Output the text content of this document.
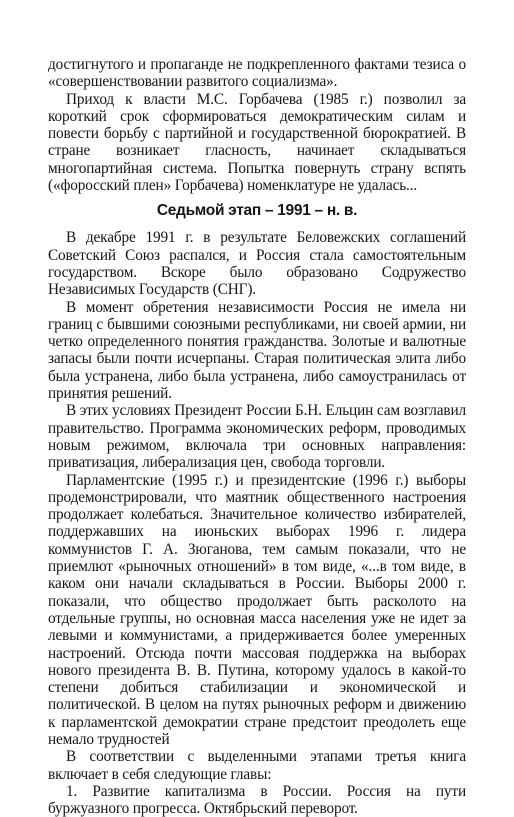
достигнутого и пропаганде не подкрепленного фактами тезиса о «совершенствовании развитого социализма».

Приход к власти М.С. Горбачева (1985 г.) позволил за короткий срок сформироваться демократическим силам и повести борьбу с партийной и государственной бюрократией. В стране возникает гласность, начинает складываться многопартийная система. Попытка повернуть страну вспять («форосский плен» Горбачева) номенклатуре не удалась...

Седьмой этап – 1991 – н. в.

В декабре 1991 г. в результате Беловежских соглашений Советский Союз распался, и Россия стала самостоятельным государством. Вскоре было образовано Содружество Независимых Государств (СНГ).

В момент обретения независимости Россия не имела ни границ с бывшими союзными республиками, ни своей армии, ни четко определенного понятия гражданства. Золотые и валютные запасы были почти исчерпаны. Старая политическая элита либо была устранена, либо была устранена, либо самоустранилась от принятия решений.

В этих условиях Президент России Б.Н. Ельцин сам возглавил правительство. Программа экономических реформ, проводимых новым режимом, включала три основных направления: приватизация, либерализация цен, свобода торговли.

Парламентские (1995 г.) и президентские (1996 г.) выборы продемонстрировали, что маятник общественного настроения продолжает колебаться. Значительное количество избирателей, поддержавших на июньских выборах 1996 г. лидера коммунистов Г. А. Зюганова, тем самым показали, что не приемлют «рыночных отношений» в том виде, «...в том виде, в каком они начали складываться в России. Выборы 2000 г. показали, что общество продолжает быть расколото на отдельные группы, но основная масса населения уже не идет за левыми и коммунистами, а придерживается более умеренных настроений. Отсюда почти массовая поддержка на выборах нового президента В. В. Путина, которому удалось в какой-то степени добиться стабилизации и экономической и политической. В целом на путях рыночных реформ и движению к парламентской демократии стране предстоит преодолеть еще немало трудностей

В соответствии с выделенными этапами третья книга включает в себя следующие главы:

1. Развитие капитализма в России. Россия на пути буржуазного прогресса. Октябрьский переворот.
